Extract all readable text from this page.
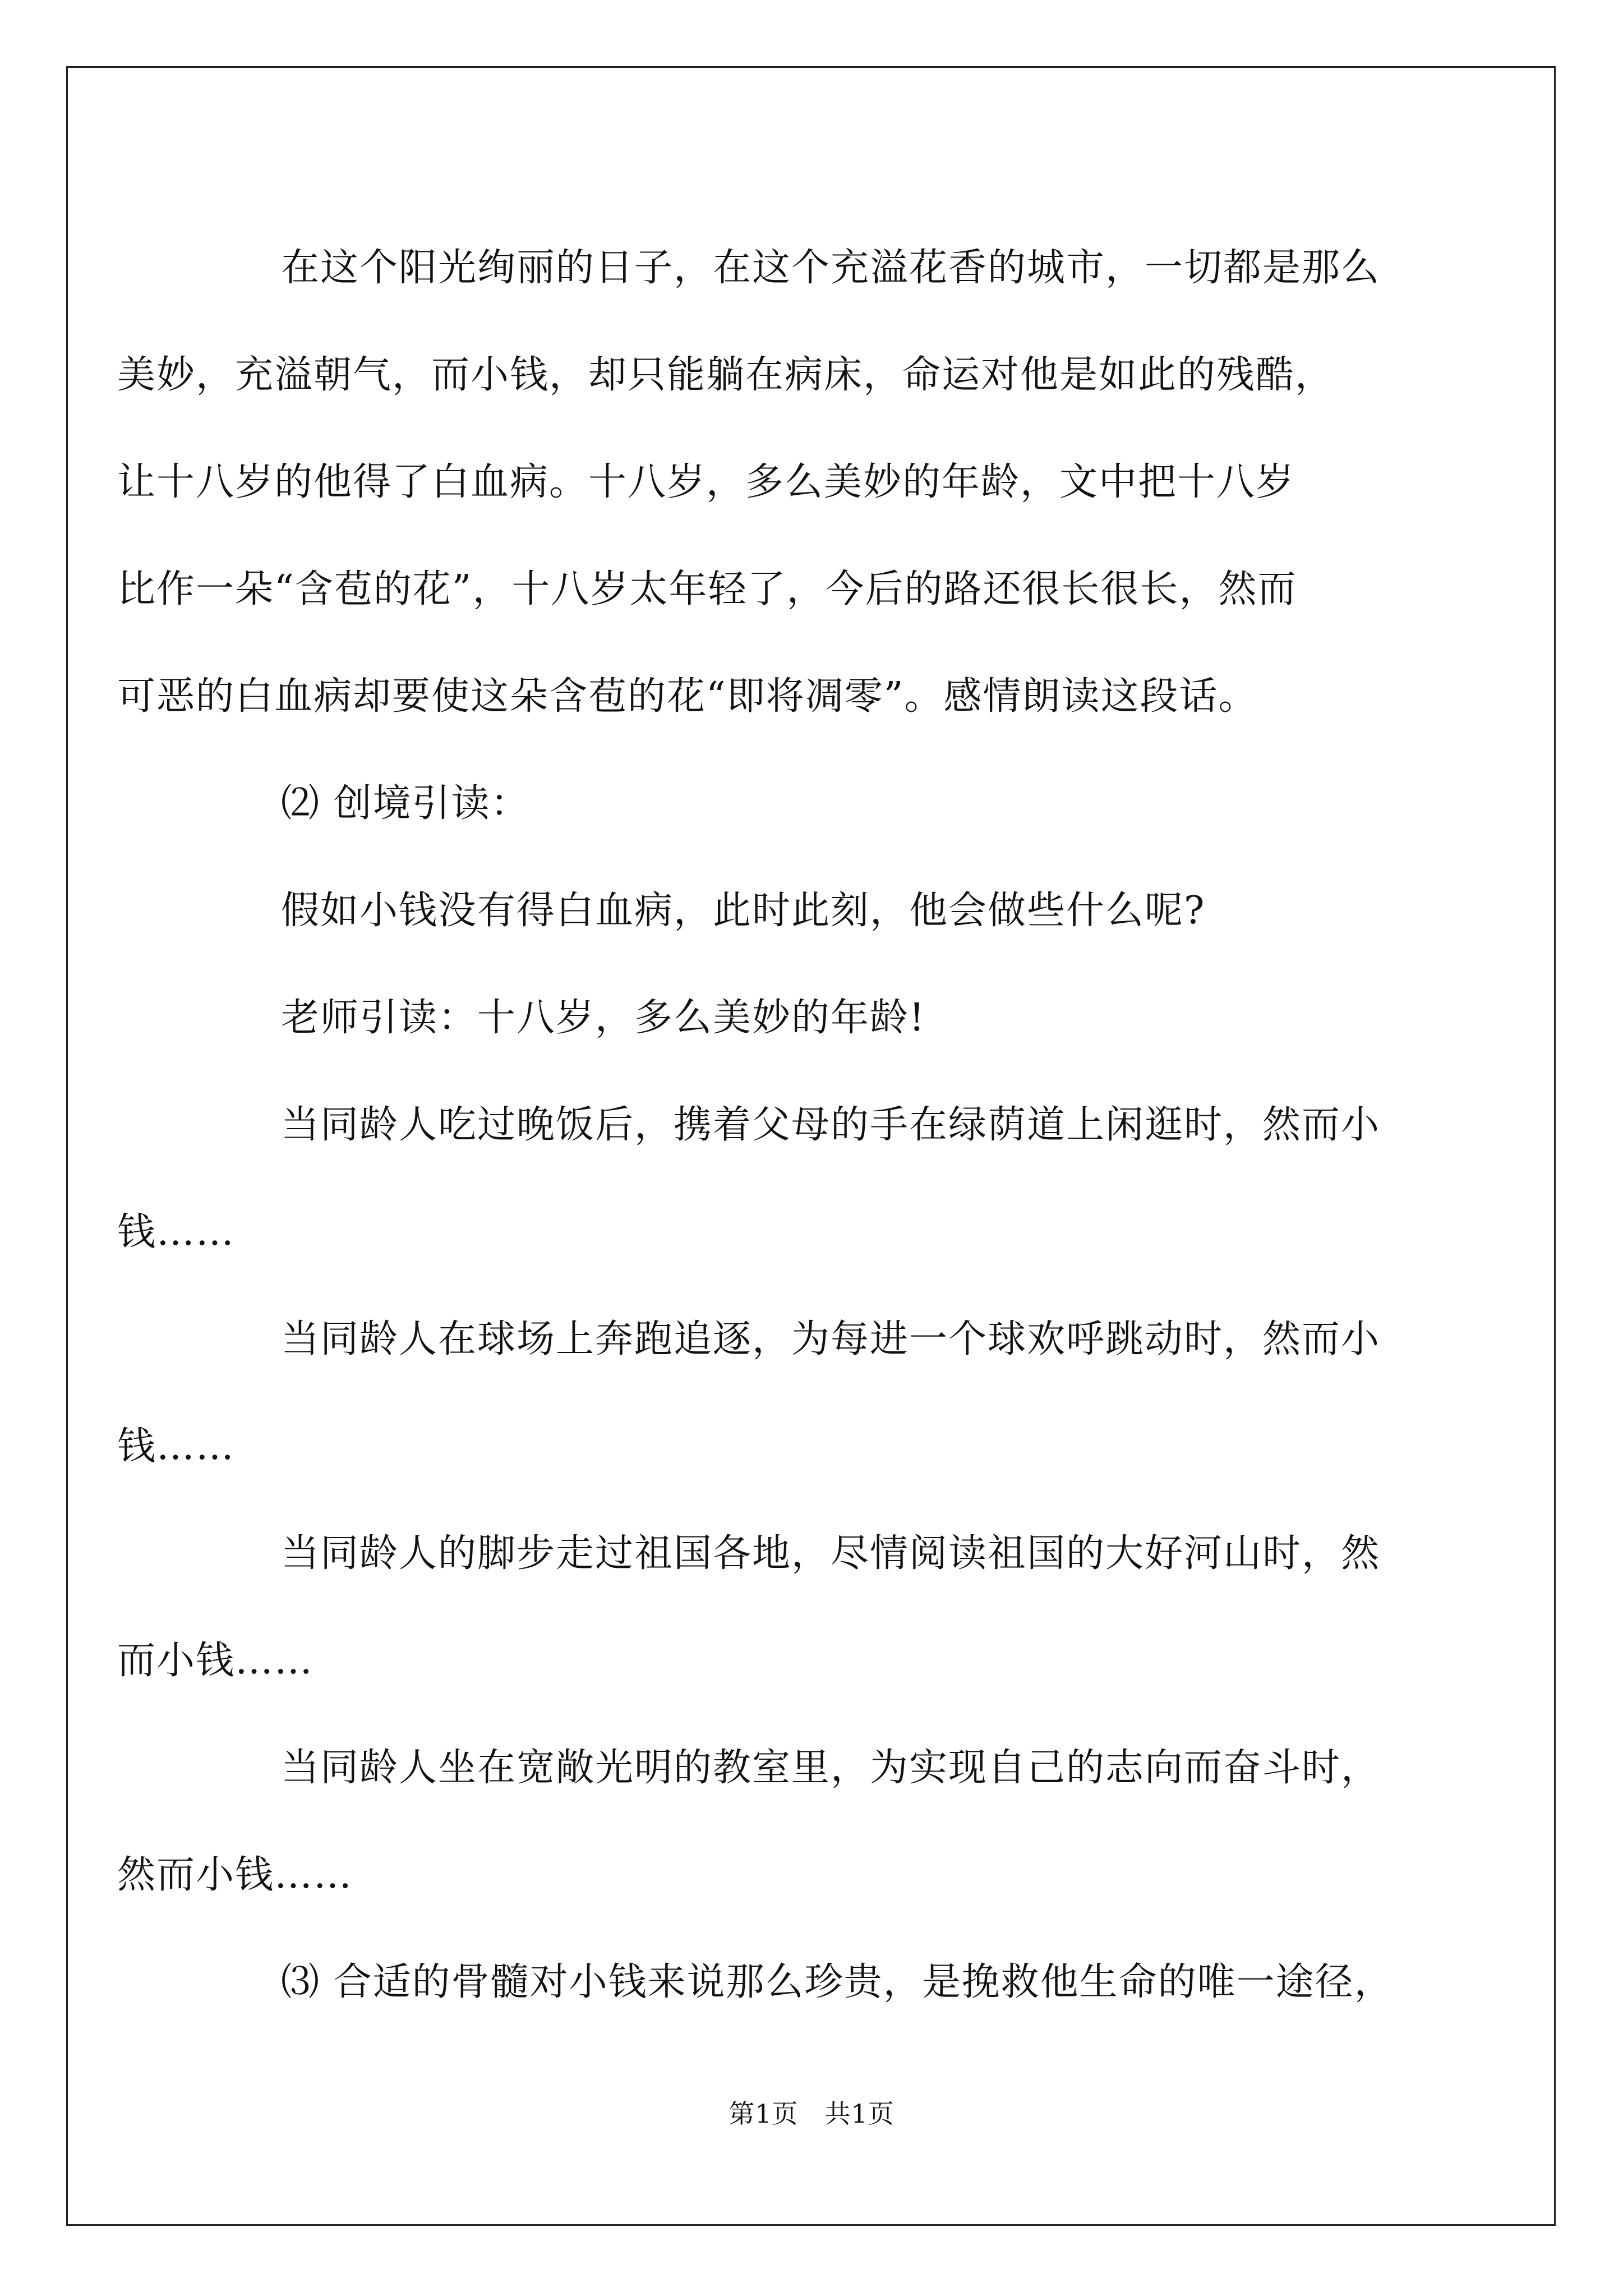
在这个阳光绚丽的日子，在这个充溢花香的城市，一切都是那么
美妙，充溢朝气，而小钱，却只能躺在病床，命运对他是如此的残酷，
让十八岁的他得了白血病。十八岁，多么美妙的年龄，文中把十八岁
比作一朵“含苞的花”，十八岁太年轻了，今后的路还很长很长，然而
可恶的白血病却要使这朵含苞的花“即将凋零”。感情朗读这段话。
⑵ 创境引读：
假如小钱没有得白血病，此时此刻，他会做些什么呢?
老师引读：十八岁，多么美妙的年龄!
当同龄人吃过晚饭后，携着父母的手在绿荫道上闲逛时，然而小
钱……
当同龄人在球场上奔跑追逐，为每进一个球欢呼跳动时，然而小
钱……
当同龄人的脚步走过祖国各地，尽情阅读祖国的大好河山时，然
而小钱……
当同龄人坐在宽敞光明的教室里，为实现自己的志向而奋斗时，
然而小钱……
⑶ 合适的骨髓对小钱来说那么珍贵，是挽救他生命的唯一途径，
第1页 共1页
